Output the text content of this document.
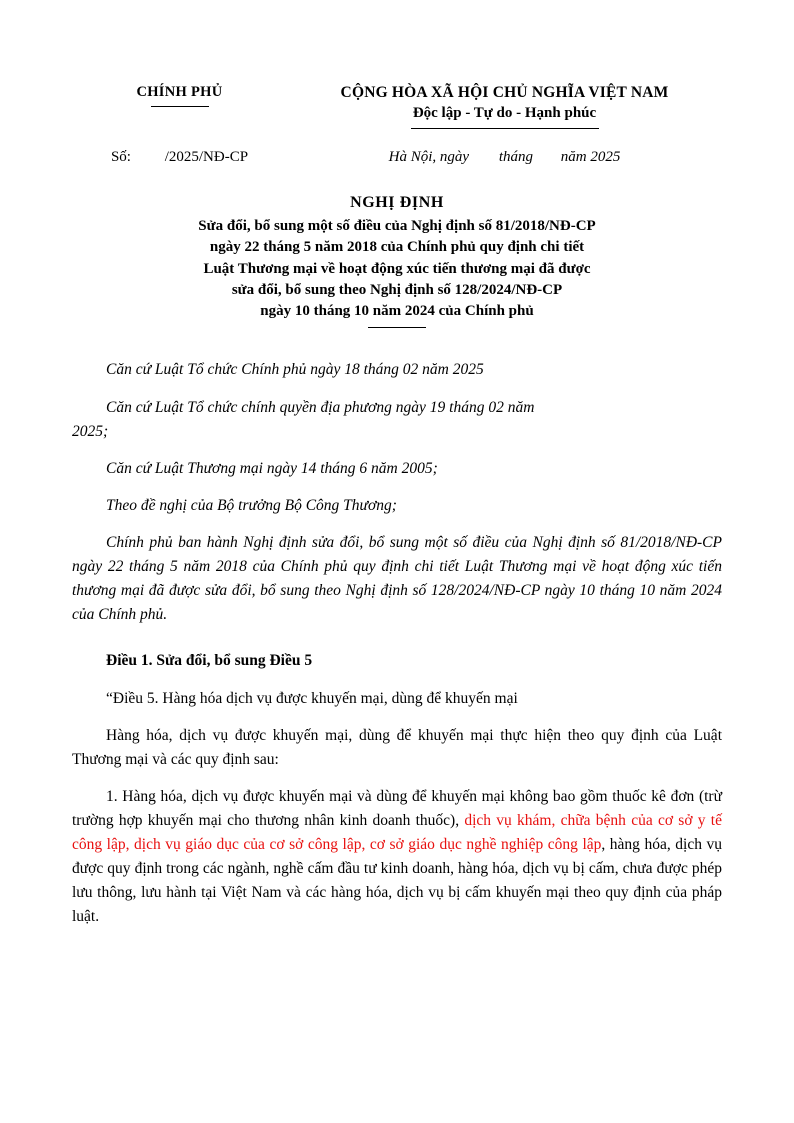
CHÍNH PHỦ	CỘNG HÒA XÃ HỘI CHỦ NGHĨA VIỆT NAM
Độc lập - Tự do - Hạnh phúc
Số: /2025/NĐ-CP	Hà Nội, ngày tháng năm 2025
NGHỊ ĐỊNH
Sửa đổi, bổ sung một số điều của Nghị định số 81/2018/NĐ-CP
ngày 22 tháng 5 năm 2018 của Chính phủ quy định chi tiết
Luật Thương mại về hoạt động xúc tiến thương mại đã được
sửa đổi, bổ sung theo Nghị định số 128/2024/NĐ-CP
ngày 10 tháng 10 năm 2024 của Chính phủ

Căn cứ Luật Tổ chức Chính phủ ngày 18 tháng 02 năm 2025

Căn cứ Luật Tổ chức chính quyền địa phương ngày 19 tháng 02 năm
2025;

Căn cứ Luật Thương mại ngày 14 tháng 6 năm 2005;

Theo đề nghị của Bộ trưởng Bộ Công Thương;

Chính phủ ban hành Nghị định sửa đổi, bổ sung một số điều của Nghị định số 81/2018/NĐ-CP ngày 22 tháng 5 năm 2018 của Chính phủ quy định chi tiết Luật Thương mại về hoạt động xúc tiến thương mại đã được sửa đổi, bổ sung theo Nghị định số 128/2024/NĐ-CP ngày 10 tháng 10 năm 2024 của Chính phủ.

Điều 1. Sửa đổi, bổ sung Điều 5

“Điều 5. Hàng hóa dịch vụ được khuyến mại, dùng để khuyến mại

Hàng hóa, dịch vụ được khuyến mại, dùng để khuyến mại thực hiện theo quy định của Luật Thương mại và các quy định sau:

1. Hàng hóa, dịch vụ được khuyến mại và dùng để khuyến mại không bao gồm thuốc kê đơn (trừ trường hợp khuyến mại cho thương nhân kinh doanh thuốc), dịch vụ khám, chữa bệnh của cơ sở y tế công lập, dịch vụ giáo dục của cơ sở công lập, cơ sở giáo dục nghề nghiệp công lập, hàng hóa, dịch vụ được quy định trong các ngành, nghề cấm đầu tư kinh doanh, hàng hóa, dịch vụ bị cấm, chưa được phép lưu thông, lưu hành tại Việt Nam và các hàng hóa, dịch vụ bị cấm khuyến mại theo quy định của pháp luật.
